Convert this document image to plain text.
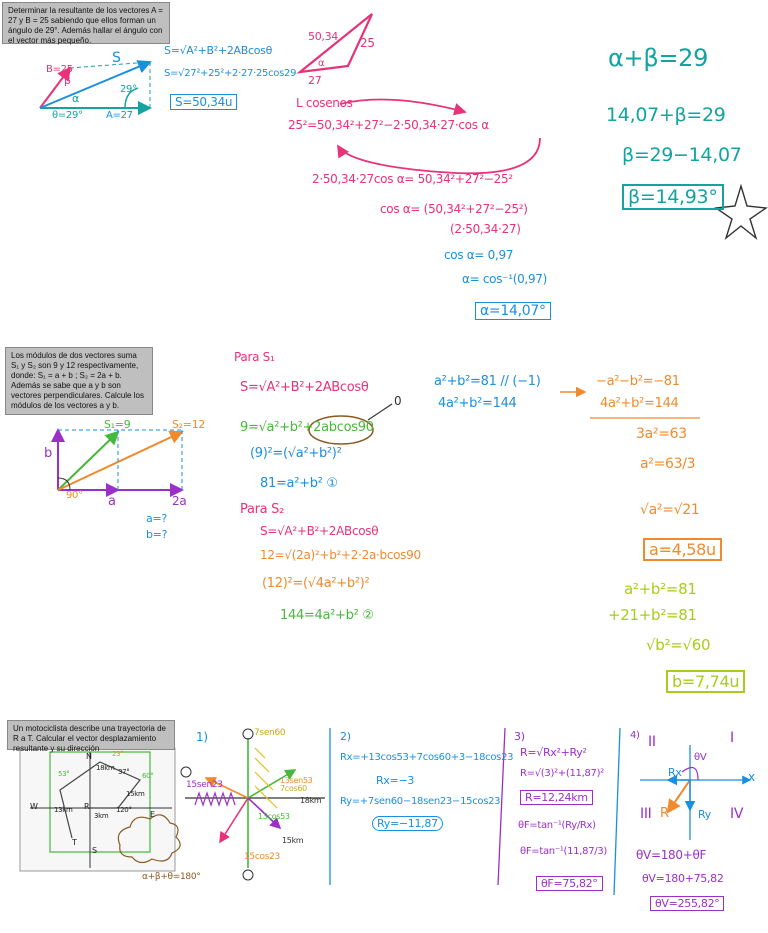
Determinar la resultante de los vectores A = 27 y B = 25 sabiendo que ellos forman un ángulo de 29°. Además hallar el ángulo con el vector más pequeño.
B=25
S
β
α
29°
θ=29° A=27
S=√A²+B²+2ABcosθ
S=√27²+25²+2·27·25cos29
S=50,34u
50,34 25
α
27
L cosenos
25²=50,34²+27²−2·50,34·27·cos α
2·50,34·27cos α= 50,34²+27²−25²
cos α= (50,34²+27²−25²)
(2·50,34·27)
cos α= 0,97
α= cos⁻¹(0,97)
α=14,07°
α+β=29
14,07+β=29
β=29−14,07
β=14,93°
Los módulos de dos vectores suma S₁ y S₂ son 9 y 12 respectivamente, donde: S₁ = a + b ; S₂ = 2a + b. Además se sabe que a y b son vectores perpendiculares. Calcule los módulos de los vectores a y b.
b
S₁=9	S₂=12
90° a	2a
a=?
b=?
Para S₁
S=√A²+B²+2ABcosθ
9=√a²+b²+2abcos90
0
(9)²=(√a²+b²)²
81=a²+b² ①
Para S₂
S=√A²+B²+2ABcosθ
12=√(2a)²+b²+2·2a·bcos90
(12)²=(√4a²+b²)²
144=4a²+b² ②
a²+b²=81 // (−1)
4a²+b²=144
−a²−b²=−81
4a²+b²=144
3a²=63
a²=63/3
√a²=√21
a=4,58u
a²+b²=81
+21+b²=81
√b²=√60
b=7,74u
Un motociclista describe una trayectoria de R a T. Calcular el vector desplazamiento resultante y su dirección
N
W
E
S
R
T
18km
15km
3km
13km
37° 60°
120°
23°
53°
α+β+θ=180°
1)
15sen23
15cos23
7sen60
7cos60
13sen53
13cos53
18km
15km
2)
Rx=+13cos53+7cos60+3−18cos23
Rx=−3
Ry=+7sen60−18sen23−15cos23
Ry=−11,87
3)
R=√Rx²+Ry²
R=√(3)²+(11,87)²
R=12,24km
θF=tan⁻¹(Ry/Rx)
θF=tan⁻¹(11,87/3)
θF=75,82°
4) II	I
III	IV
x
Rx
Ry
R
θV
θV=180+θF
θV=180+75,82
θV=255,82°
